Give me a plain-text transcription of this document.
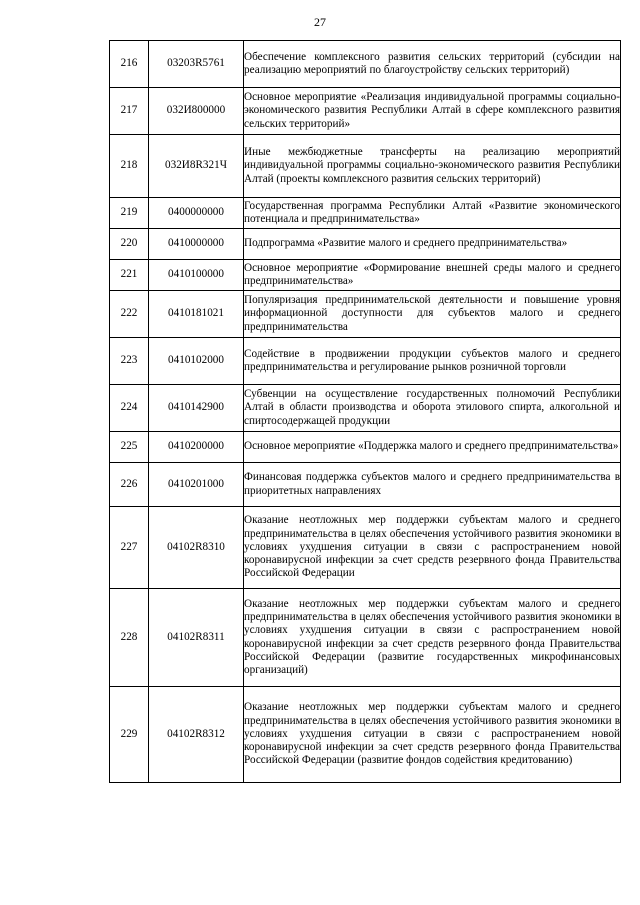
27
216	03203R5761	Обеспечение комплексного развития сельских территорий (субсидии на реализацию мероприятий по благоустройству сельских территорий)
217	032И800000	Основное мероприятие «Реализация индивидуальной программы социально-экономического развития Республики Алтай в сфере комплексного развития сельских территорий»
218	032И8R321Ч	Иные межбюджетные трансферты на реализацию мероприятий индивидуальной программы социально-экономического развития Республики Алтай (проекты комплексного развития сельских территорий)
219	0400000000	Государственная программа Республики Алтай «Развитие экономического потенциала и предпринимательства»
220	0410000000	Подпрограмма «Развитие малого и среднего предпринимательства»
221	0410100000	Основное мероприятие «Формирование внешней среды малого и среднего предпринимательства»
222	0410181021	Популяризация предпринимательской деятельности и повышение уровня информационной доступности для субъектов малого и среднего предпринимательства
223	0410102000	Содействие в продвижении продукции субъектов малого и среднего предпринимательства и регулирование рынков розничной торговли
224	0410142900	Субвенции на осуществление государственных полномочий Республики Алтай в области производства и оборота этилового спирта, алкогольной и спиртосодержащей продукции
225	0410200000	Основное мероприятие «Поддержка малого и среднего предпринимательства»
226	0410201000	Финансовая поддержка субъектов малого и среднего предпринимательства в приоритетных направлениях
227	04102R8310	Оказание неотложных мер поддержки субъектам малого и среднего предпринимательства в целях обеспечения устойчивого развития экономики в условиях ухудшения ситуации в связи с распространением новой коронавирусной инфекции за счет средств резервного фонда Правительства Российской Федерации
228	04102R8311	Оказание неотложных мер поддержки субъектам малого и среднего предпринимательства в целях обеспечения устойчивого развития экономики в условиях ухудшения ситуации в связи с распространением новой коронавирусной инфекции за счет средств резервного фонда Правительства Российской Федерации (развитие государственных микрофинансовых организаций)
229	04102R8312	Оказание неотложных мер поддержки субъектам малого и среднего предпринимательства в целях обеспечения устойчивого развития экономики в условиях ухудшения ситуации в связи с распространением новой коронавирусной инфекции за счет средств резервного фонда Правительства Российской Федерации (развитие фондов содействия кредитованию)
